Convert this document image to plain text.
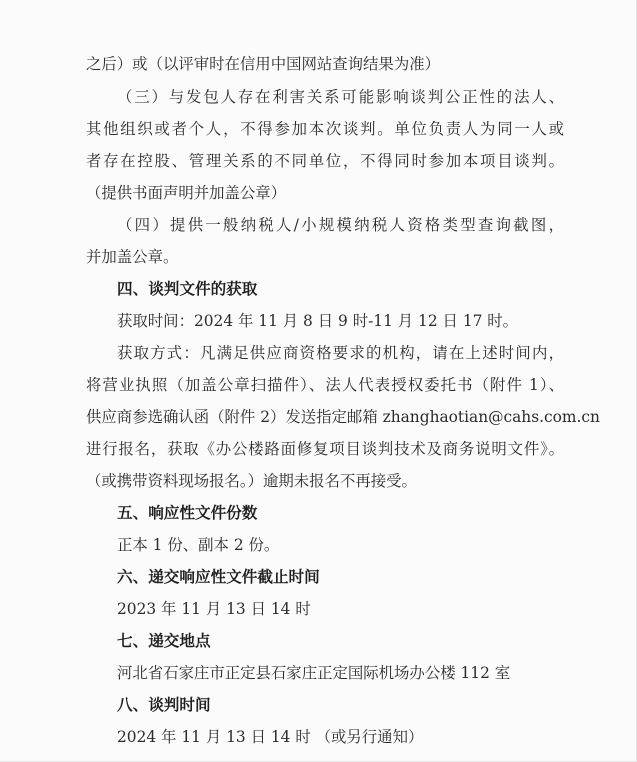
之后）或（以评审时在信用中国网站查询结果为准）
（三）与发包人存在利害关系可能影响谈判公正性的法人、
其他组织或者个人，不得参加本次谈判。单位负责人为同一人或
者存在控股、管理关系的不同单位，不得同时参加本项目谈判。
（提供书面声明并加盖公章）
（四）提供一般纳税人/小规模纳税人资格类型查询截图，
并加盖公章。
四、谈判文件的获取
获取时间：2024 年 11 月 8 日 9 时-11 月 12 日 17 时。
获取方式：凡满足供应商资格要求的机构，请在上述时间内，
将营业执照（加盖公章扫描件）、法人代表授权委托书（附件 1）、
供应商参选确认函（附件 2）发送指定邮箱 zhanghaotian@cahs.com.cn
进行报名，获取《办公楼路面修复项目谈判技术及商务说明文件》。
（或携带资料现场报名。）逾期未报名不再接受。
五、响应性文件份数
正本 1 份、副本 2 份。
六、递交响应性文件截止时间
2023 年 11 月 13 日 14 时
七、递交地点
河北省石家庄市正定县石家庄正定国际机场办公楼 112 室
八、谈判时间
2024 年 11 月 13 日 14 时 （或另行通知）
